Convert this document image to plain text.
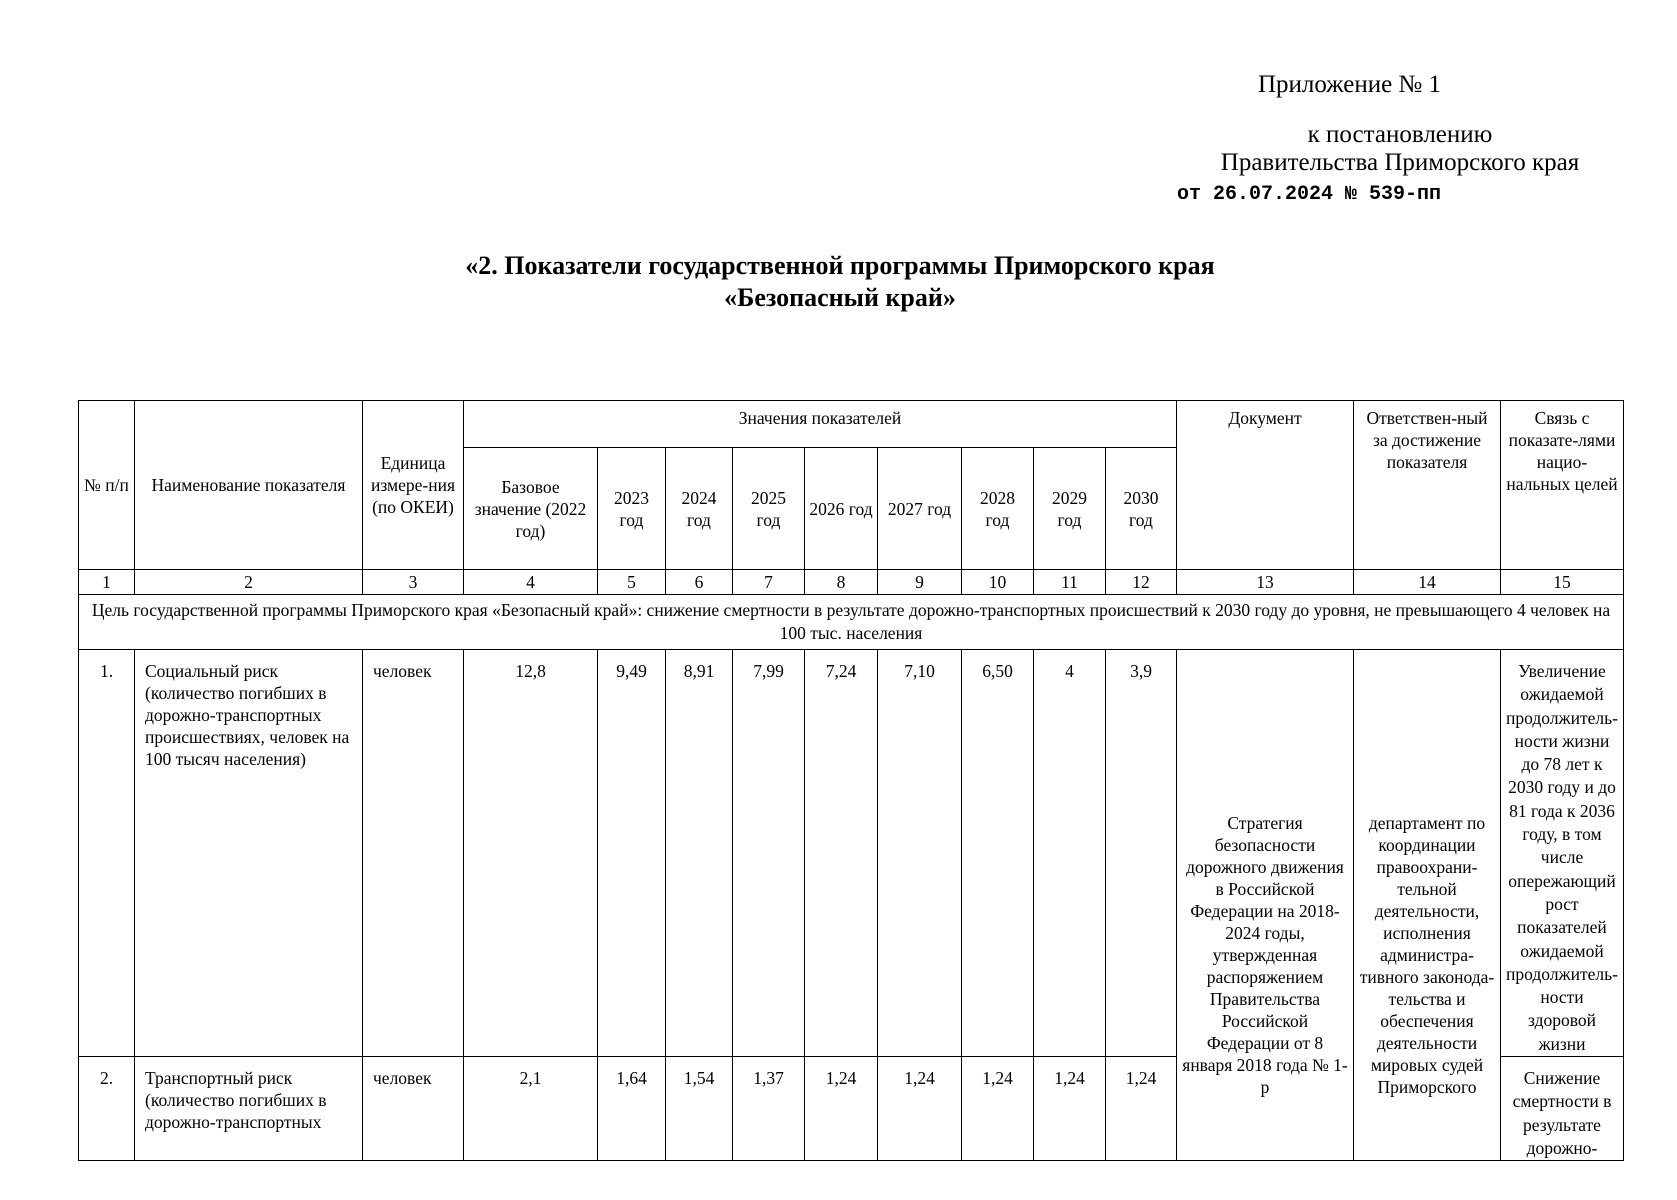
Приложение № 1
к постановлению
Правительства Приморского края
от 26.07.2024 № 539-пп
«2. Показатели государственной программы Приморского края
«Безопасный край»
№ п/п	Наименование показателя	Единица измере-ния (по ОКЕИ)	Значения показателей									Документ	Ответствен-ный за достижение показателя	Связь с показате-лями нацио-нальных целей
			Базовое значение (2022 год)	2023 год	2024 год	2025 год	2026 год	2027 год	2028 год	2029 год	2030 год			
1	2	3	4	5	6	7	8	9	10	11	12	13	14	15
Цель государственной программы Приморского края «Безопасный край»: снижение смертности в результате дорожно-транспортных происшествий к 2030 году до уровня, не превышающего 4 человек на 100 тыс. населения														
1.	Социальный риск (количество погибших в дорожно-транспортных происшествиях, человек на 100 тысяч населения)	человек	12,8	9,49	8,91	7,99	7,24	7,10	6,50	4	3,9	Стратегия безопасности дорожного движения в Российской Федерации на 2018-2024 годы, утвержденная распоряжением Правительства Российской Федерации от 8 января 2018 года № 1-р	департамент по координации правоохрани-тельной деятельности, исполнения администра-тивного законода-тельства и обеспечения деятельности мировых судей Приморского	Увеличение ожидаемой продолжитель-ности жизни до 78 лет к 2030 году и до 81 года к 2036 году, в том числе опережающий рост показателей ожидаемой продолжитель-ности здоровой жизни
2.	Транспортный риск (количество погибших в дорожно-транспортных	человек	2,1	1,64	1,54	1,37	1,24	1,24	1,24	1,24	1,24			Снижение смертности в результате дорожно-
